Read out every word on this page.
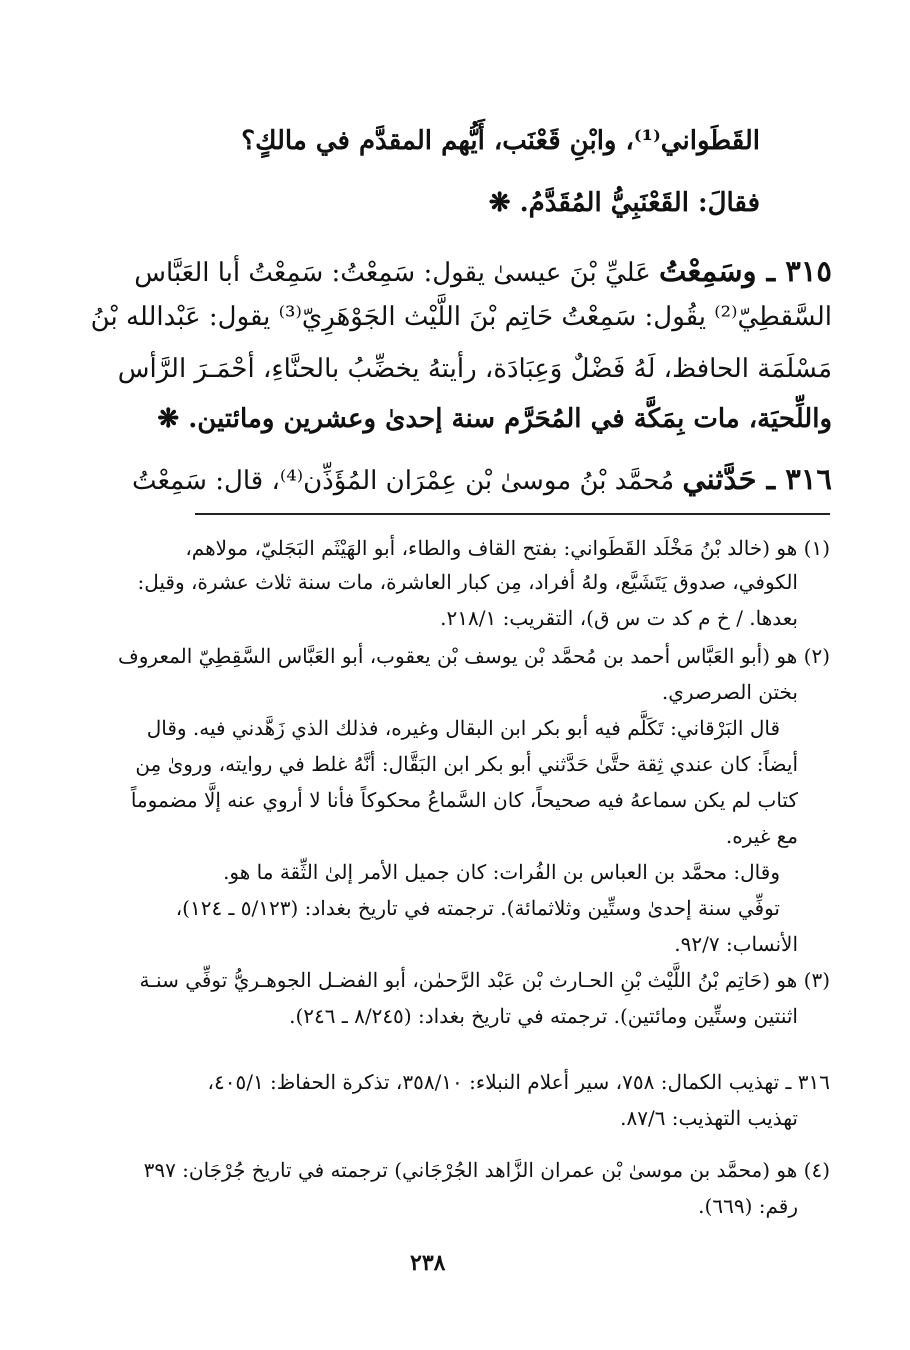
القَطَواني⁽¹⁾، وابْنِ قَعْنَب، أَيُّهم المقدَّم في مالكٍ؟
فقالَ: القَعْنَبِيُّ المُقَدَّمُ. ❋
٣١٥ ـ وسَمِعْتُ عَليِّ بْنَ عيسىٰ يقول: سَمِعْتُ: سَمِعْتُ أبا العَبَّاس
السَّقطِيّ⁽²⁾ يقُول: سَمِعْتُ حَاتِم بْنَ اللَّيْث الجَوْهَرِيّ⁽³⁾ يقول: عَبْدالله بْنُ
مَسْلَمَة الحافظ، لَهُ فَضْلٌ وَعِبَادَة، رأيتهُ يخضِّبُ بالحنَّاءِ، أحْمَـرَ الرَّأس
واللِّحيَة، مات بِمَكَّة في المُحَرَّم سنة إحدىٰ وعشرين ومائتين. ❋
٣١٦ ـ حَدَّثني مُحمَّد بْنُ موسىٰ بْن عِمْرَان المُؤَذِّن⁽⁴⁾، قال: سَمِعْتُ
(١) هو (خالد بْنُ مَخْلَد القَطَواني: بفتح القاف والطاء، أبو الهَيْثَم البَجَليّ، مولاهم،
الكوفي، صدوق يَتَشَيَّع، ولهُ أفراد، مِن كبار العاشرة، مات سنة ثلاث عشرة، وقيل:
بعدها. / خ م كد ت س ق)، التقريب: ٢١٨/١.
(٢) هو (أبو العَبَّاس أحمد بن مُحمَّد بْن يوسف بْن يعقوب، أبو العَبَّاس السَّقِطِيّ المعروف
بختن الصرصري.
قال البَرْقاني: تَكَلَّم فيه أبو بكر ابن البقال وغيره، فذلك الذي زَهَّدني فيه. وقال
أيضاً: كان عندي ثِقة حتَّىٰ حَدَّثني أبو بكر ابن البَقَّال: أنَّهُ غلط في روايته، وروىٰ مِن
كتاب لم يكن سماعهُ فيه صحيحاً، كان السَّماعُ محكوكاً فأنا لا أروي عنه إلَّا مضموماً
مع غيره.
وقال: محمَّد بن العباس بن الفُرات: كان جميل الأمر إلىٰ الثِّقة ما هو.
توفِّي سنة إحدىٰ وستِّين وثلاثمائة). ترجمته في تاريخ بغداد: (٥/١٢٣ ـ ١٢٤)،
الأنساب: ٩٢/٧.
(٣) هو (حَاتِم بْنُ اللَّيْث بْنِ الحـارث بْن عَبْد الرَّحمٰن، أبو الفضـل الجوهـريُّ توفِّي سنـة
اثنتين وستِّين ومائتين). ترجمته في تاريخ بغداد: (٨/٢٤٥ ـ ٢٤٦).
٣١٦ ـ تهذيب الكمال: ٧٥٨، سير أعلام النبلاء: ٣٥٨/١٠، تذكرة الحفاظ: ٤٠٥/١،
تهذيب التهذيب: ٨٧/٦.
(٤) هو (محمَّد بن موسىٰ بْن عمران الزَّاهد الجُرْجَاني) ترجمته في تاريخ جُرْجَان: ٣٩٧
رقم: (٦٦٩).
٢٣٨
